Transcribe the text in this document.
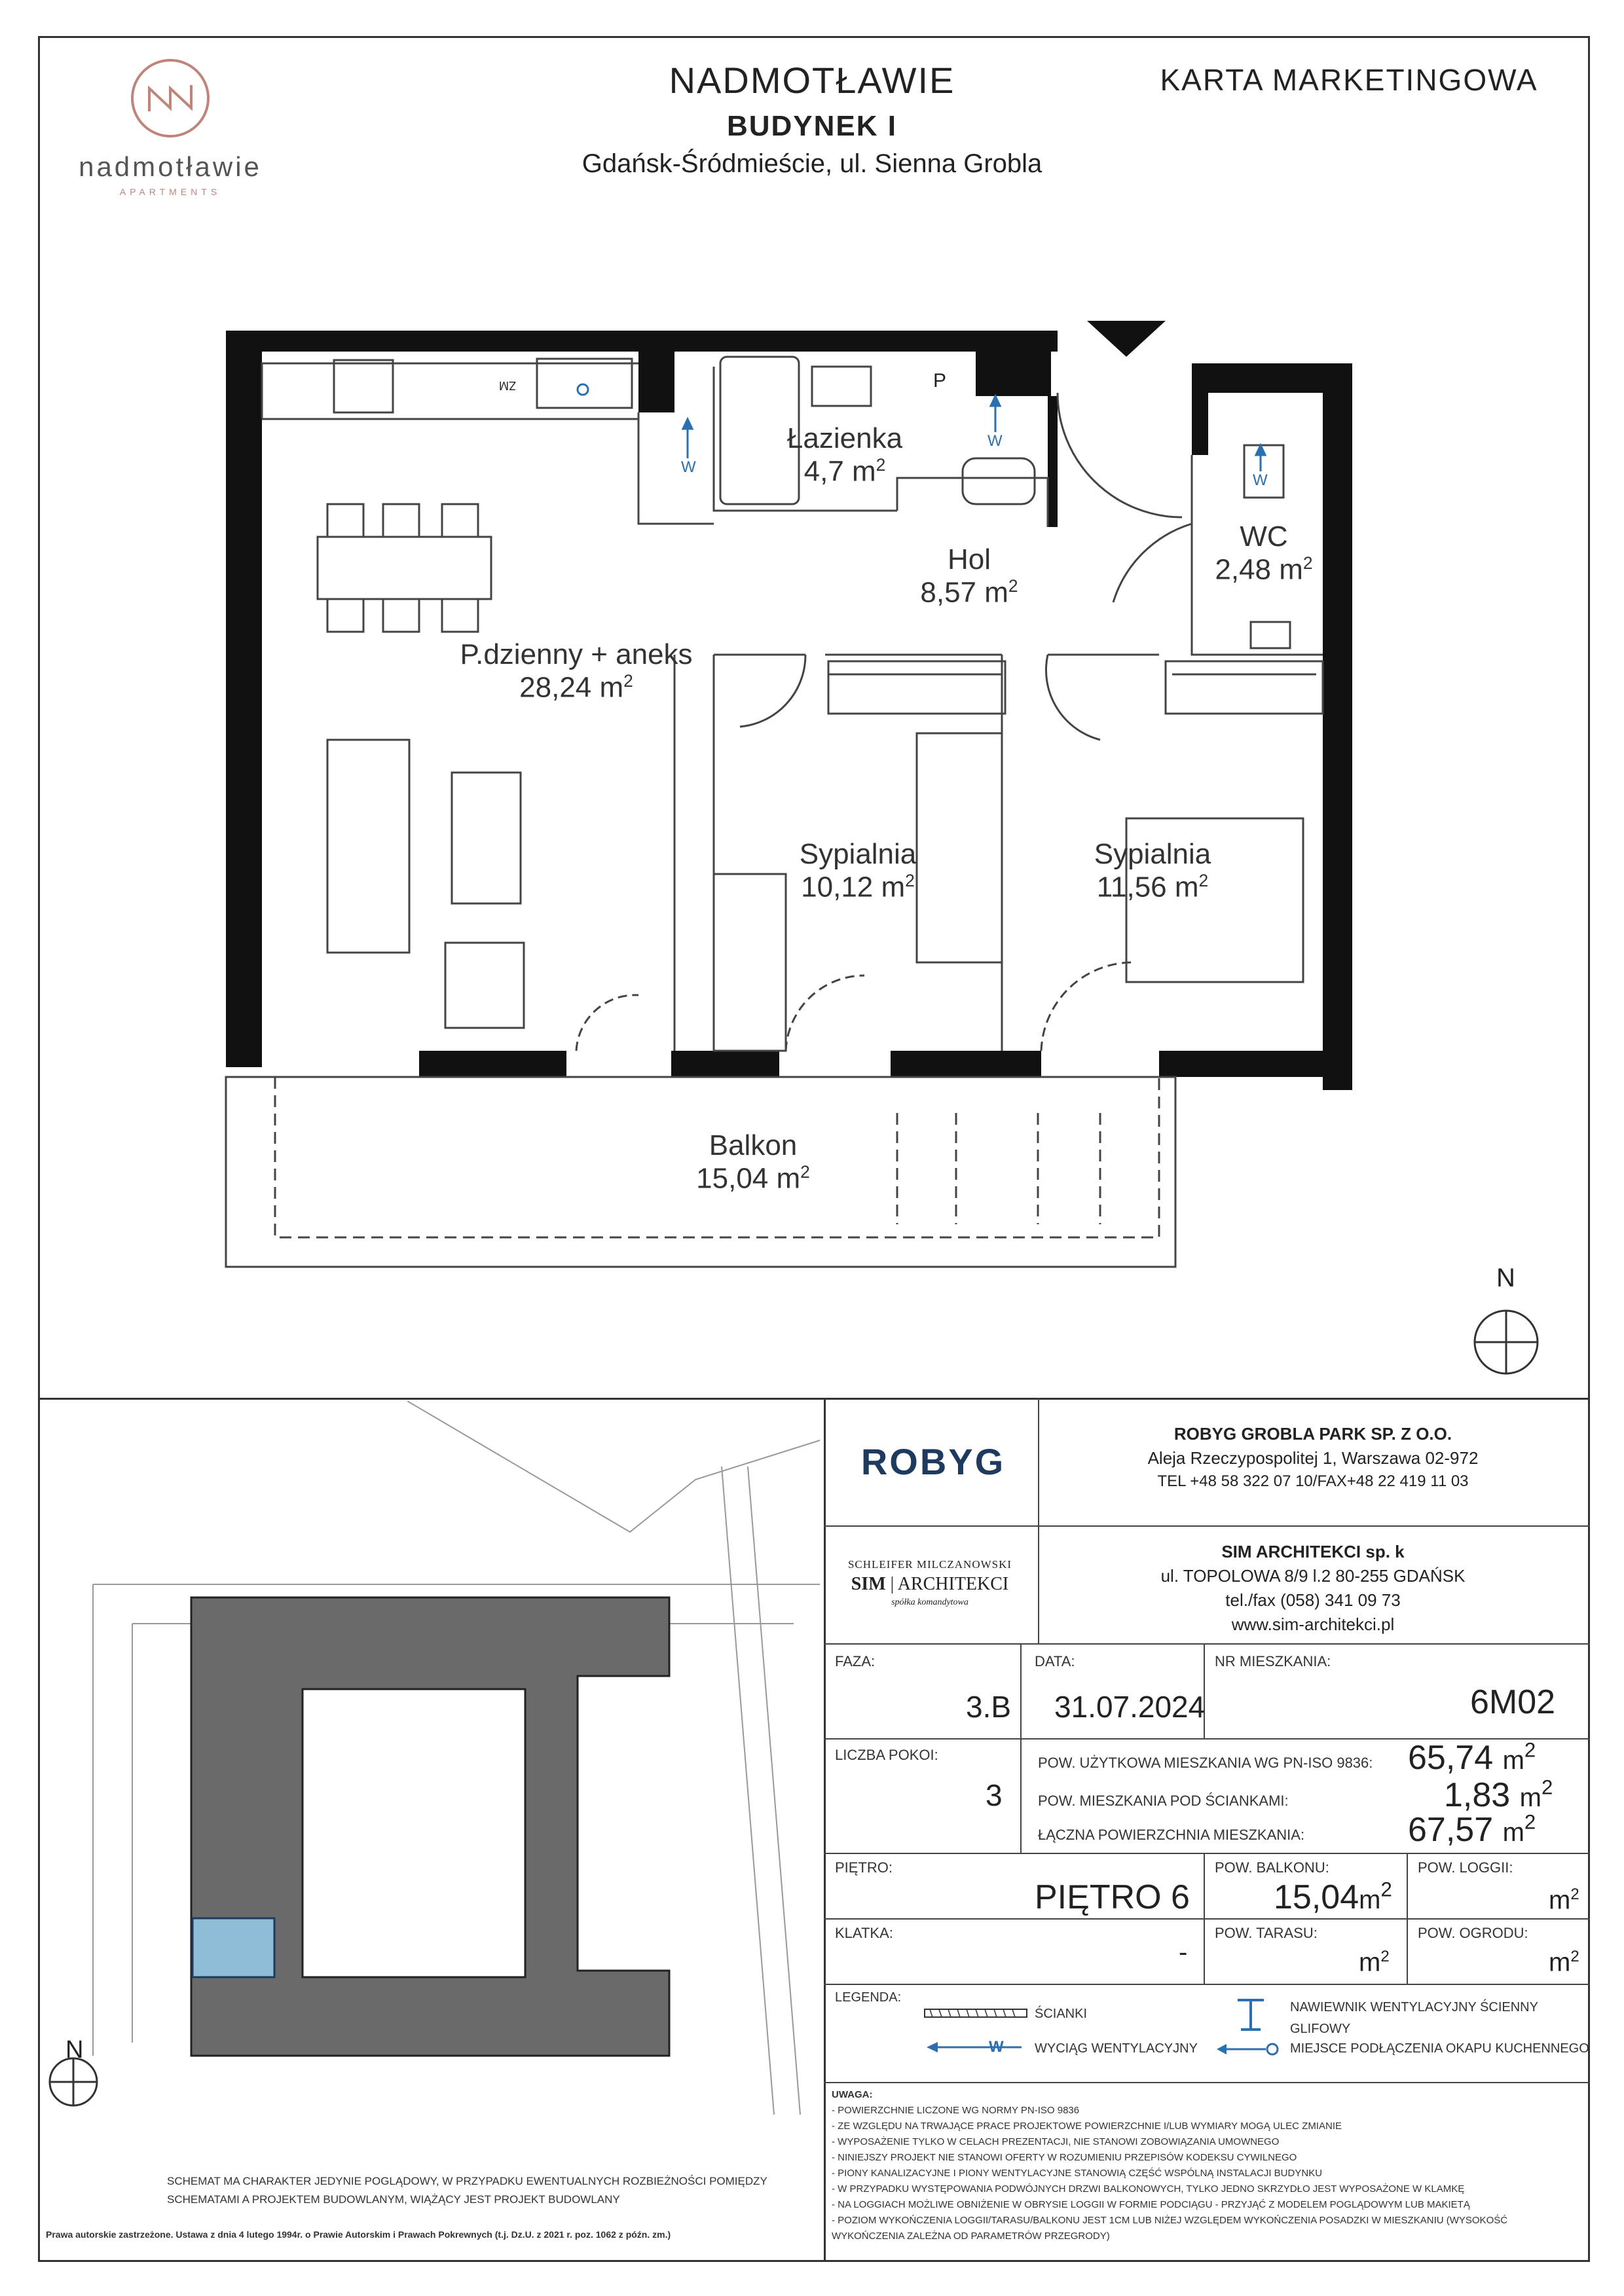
nadmotławie
APARTMENTS
NADMOTŁAWIE
BUDYNEK I
Gdańsk-Śródmieście, ul. Sienna Grobla
KARTA MARKETINGOWA
P
W
W
W
ZM
N
Łazienka
4,7 $m^2$
Hol
8,57 $m^2$
WC
2,48 $m^2$
P.dzienny + aneks
28,24 $m^2$
Sypialnia
10,12 $m^2$
Sypialnia
11,56 $m^2$
Balkon
15,04 $m^2$
N
ROBYG
ROBYG GROBLA PARK SP. Z O.O.
Aleja Rzeczypospolitej 1, Warszawa 02-972
TEL +48 58 322 07 10/FAX+48 22 419 11 03
SCHLEIFER MILCZANOWSKI
SIM | ARCHITEKCI
spółka komandytowa
SIM ARCHITEKCI sp. k
ul. TOPOLOWA 8/9 l.2 80-255 GDAŃSK
tel./fax (058) 341 09 73
www.sim-architekci.pl
FAZA:
3.B
DATA:
31.07.2024
NR MIESZKANIA:
6M02
LICZBA POKOI:
3
POW. UŻYTKOWA MIESZKANIA WG PN-ISO 9836: 65,74 $m^2$
POW. MIESZKANIA POD ŚCIANKAMI:	1,83 $m^2$
ŁĄCZNA POWIERZCHNIA MIESZKANIA:	67,57 $m^2$
PIĘTRO:
PIĘTRO 6
POW. BALKONU:
$15,04m^2$
POW. LOGGII:
$m^2$
KLATKA:
-
POW. TARASU:
$m^2$
POW. OGRODU:
$m^2$
LEGENDA:
ŚCIANKI
W WYCIĄG WENTYLACYJNY
NAWIEWNIK WENTYLACYJNY ŚCIENNY
GLIFOWY
MIEJSCE PODŁĄCZENIA OKAPU KUCHENNEGO
UWAGA:
- POWIERZCHNIE LICZONE WG NORMY PN-ISO 9836
- ZE WZGLĘDU NA TRWAJĄCE PRACE PROJEKTOWE POWIERZCHNIE I/LUB WYMIARY MOGĄ ULEC ZMIANIE
- WYPOSAŻENIE TYLKO W CELACH PREZENTACJI, NIE STANOWI ZOBOWIĄZANIA UMOWNEGO
- NINIEJSZY PROJEKT NIE STANOWI OFERTY W ROZUMIENIU PRZEPISÓW KODEKSU CYWILNEGO
- PIONY KANALIZACYJNE I PIONY WENTYLACYJNE STANOWIĄ CZĘŚĆ WSPÓLNĄ INSTALACJI BUDYNKU
- W PRZYPADKU WYSTĘPOWANIA PODWÓJNYCH DRZWI BALKONOWYCH, TYLKO JEDNO SKRZYDŁO JEST WYPOSAŻONE W KLAMKĘ
- NA LOGGIACH MOŻLIWE OBNIŻENIE W OBRYSIE LOGGII W FORMIE PODCIĄGU - PRZYJĄĆ Z MODELEM POGLĄDOWYM LUB MAKIETĄ
- POZIOM WYKOŃCZENIA LOGGII/TARASU/BALKONU JEST 1CM LUB NIŻEJ WZGLĘDEM WYKOŃCZENIA POSADZKI W MIESZKANIU (WYSOKOŚĆ
WYKOŃCZENIA ZALEŻNA OD PARAMETRÓW PRZEGRODY)
SCHEMAT MA CHARAKTER JEDYNIE POGLĄDOWY, W PRZYPADKU EWENTUALNYCH ROZBIEŻNOŚCI POMIĘDZY
SCHEMATAMI A PROJEKTEM BUDOWLANYM, WIĄŻĄCY JEST PROJEKT BUDOWLANY
Prawa autorskie zastrzeżone. Ustawa z dnia 4 lutego 1994r. o Prawie Autorskim i Prawach Pokrewnych (t.j. Dz.U. z 2021 r. poz. 1062 z późn. zm.)
